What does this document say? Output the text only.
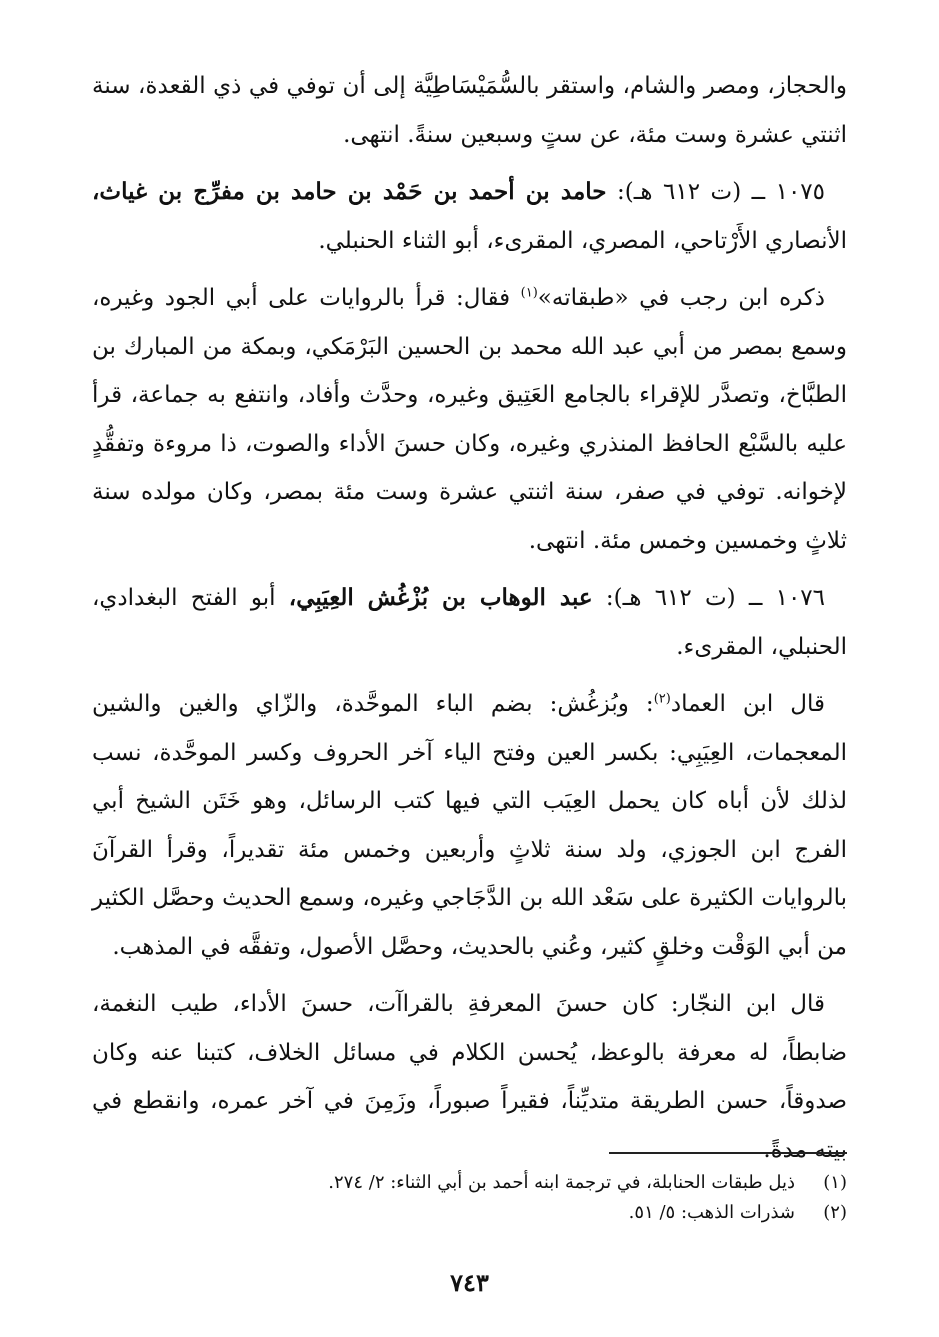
والحجاز، ومصر والشام، واستقر بالسُّمَيْسَاطِيَّة إلى أن توفي في ذي القعدة، سنة اثنتي عشرة وست مئة، عن ستٍ وسبعين سنةً. انتهى.

١٠٧٥ ــ (ت ٦١٢ هـ): حامد بن أحمد بن حَمْد بن حامد بن مفرِّج بن غياث، الأنصاري الأَرْتاحي، المصري، المقرىء، أبو الثناء الحنبلي.

ذكره ابن رجب في «طبقاته»$^{(١)}$ فقال: قرأ بالروايات على أبي الجود وغيره، وسمع بمصر من أبي عبد الله محمد بن الحسين البَرْمَكي، وبمكة من المبارك بن الطبَّاخ، وتصدَّر للإقراء بالجامع العَتِيق وغيره، وحدَّث وأفاد، وانتفع به جماعة، قرأ عليه بالسَّبْع الحافظ المنذري وغيره، وكان حسنَ الأداء والصوت، ذا مروءة وتفقُّدٍ لإخوانه. توفي في صفر، سنة اثنتي عشرة وست مئة بمصر، وكان مولده سنة ثلاثٍ وخمسين وخمس مئة. انتهى.

١٠٧٦ ــ (ت ٦١٢ هـ): عبد الوهاب بن بُزْغُش العِيَبِي، أبو الفتح البغدادي، الحنبلي، المقرىء.

قال ابن العماد$^{(٢)}$: وبُزغُش: بضم الباء الموحَّدة، والزّاي والغين والشين المعجمات، العِيَبِي: بكسر العين وفتح الياء آخر الحروف وكسر الموحَّدة، نسب لذلك لأن أباه كان يحمل العِيَب التي فيها كتب الرسائل، وهو خَتَن الشيخ أبي الفرج ابن الجوزي، ولد سنة ثلاثٍ وأربعين وخمس مئة تقديراً، وقرأ القرآنَ بالروايات الكثيرة على سَعْد الله بن الدَّجَاجي وغيره، وسمع الحديث وحصَّل الكثير من أبي الوَقْت وخلقٍ كثير، وعُني بالحديث، وحصَّل الأصول، وتفقَّه في المذهب.

قال ابن النجّار: كان حسنَ المعرفةِ بالقراآت، حسنَ الأداء، طيب النغمة، ضابطاً، له معرفة بالوعظ، يُحسن الكلام في مسائل الخلاف، كتبنا عنه وكان صدوقاً، حسن الطريقة متديِّناً، فقيراً صبوراً، وزَمِنَ في آخر عمره، وانقطع في بيته مدةً.

(١)
ذيل طبقات الحنابلة، في ترجمة ابنه أحمد بن أبي الثناء: ٢/ ٢٧٤.

(٢)
شذرات الذهب: ٥/ ٥١.

٧٤٣
